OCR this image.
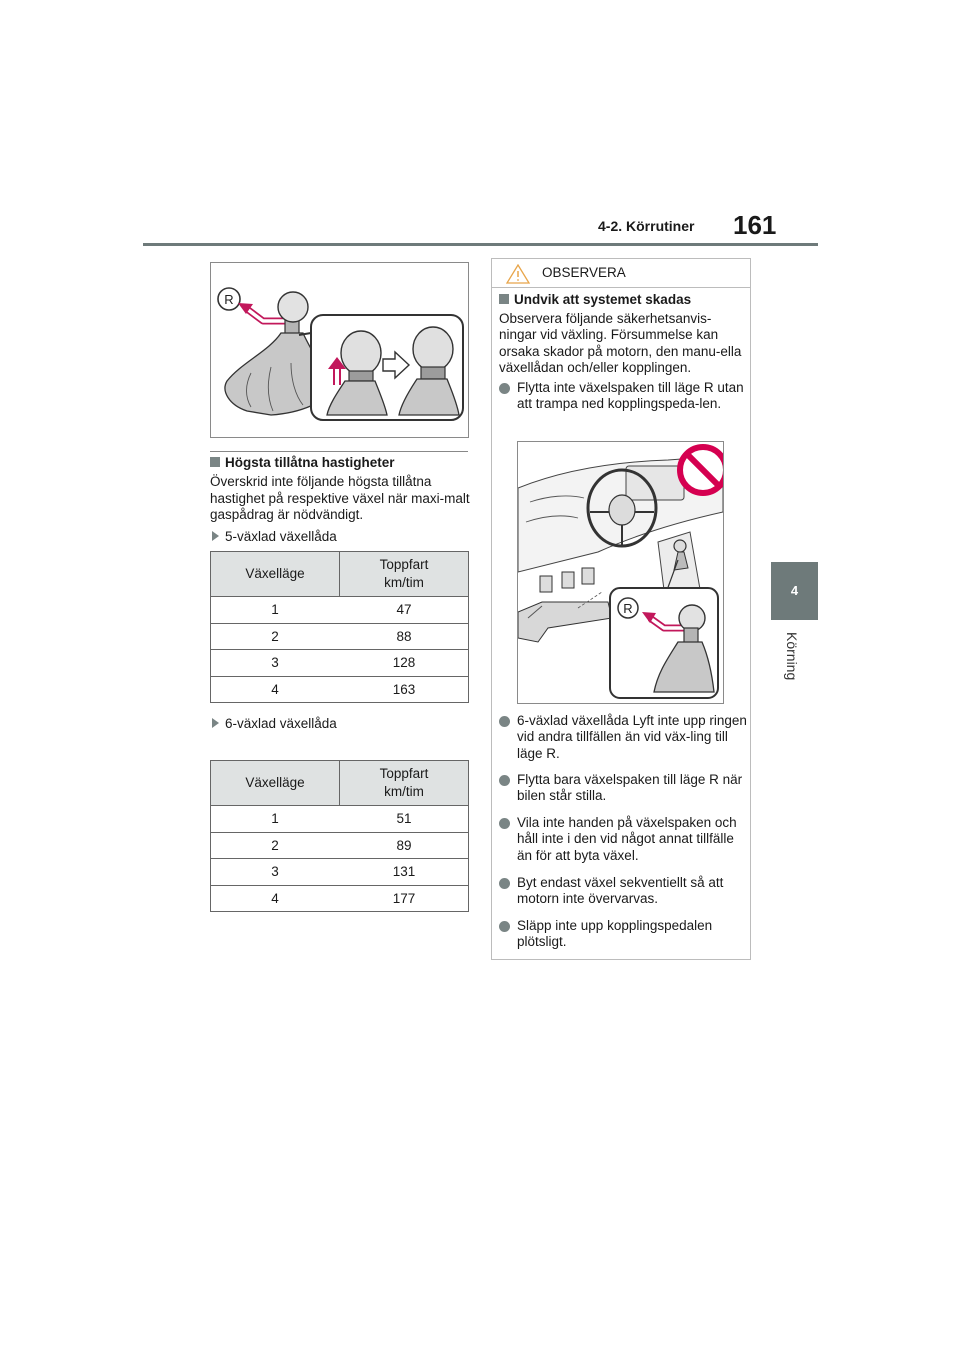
4-2. Körrutiner 161
4
Körning
R
Högsta tillåtna hastigheter
Överskrid inte följande högsta tillåtna hastighet på respektive växel när maxi-malt gaspådrag är nödvändigt.
5-växlad växellåda
Växelläge	Toppfart
km/tim

1	47
2	88
3	128
4	163
6-växlad växellåda
Växelläge	Toppfart
km/tim

1	51
2	89
3	131
4	177
OBSERVERA
Undvik att systemet skadas
Observera följande säkerhetsanvis-ningar vid växling. Försummelse kan orsaka skador på motorn, den manu-ella växellådan och/eller kopplingen.
Flytta inte växelspaken till läge R utan att trampa ned kopplingspeda-len.
R
6-växlad växellåda Lyft inte upp ringen vid andra tillfällen än vid väx-ling till läge R.
Flytta bara växelspaken till läge R när bilen står stilla.
Vila inte handen på växelspaken och håll inte i den vid något annat tillfälle än för att byta växel.
Byt endast växel sekventiellt så att motorn inte övervarvas.
Släpp inte upp kopplingspedalen plötsligt.
